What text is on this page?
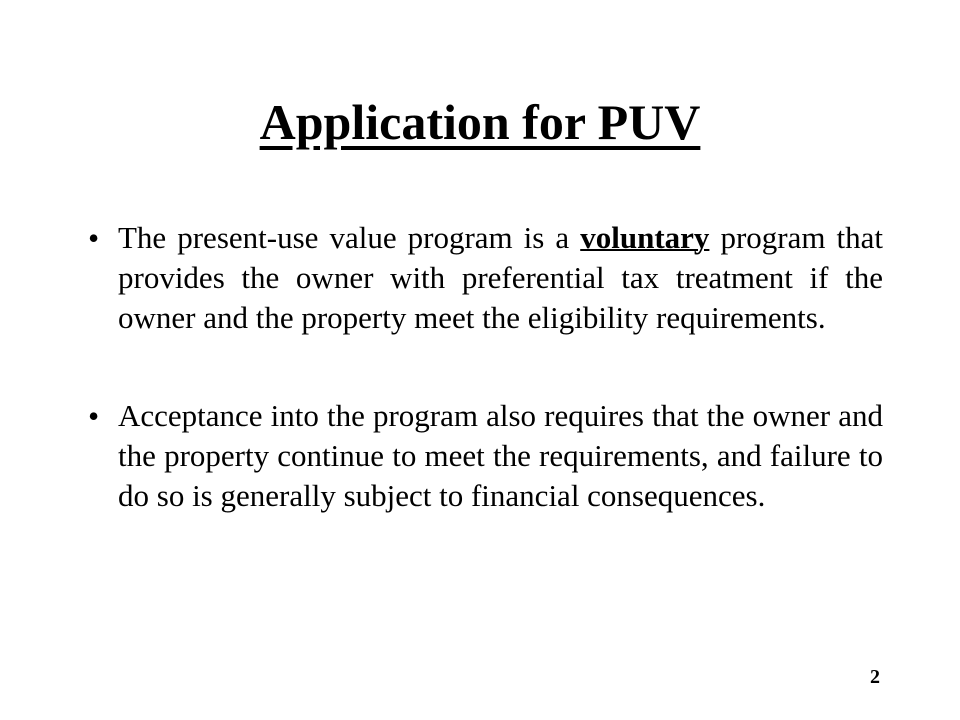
Application for PUV
• The present-use value program is a voluntary program that provides the owner with preferential tax treatment if the owner and the property meet the eligibility requirements.
• Acceptance into the program also requires that the owner and the property continue to meet the requirements, and failure to do so is generally subject to financial consequences.
2
